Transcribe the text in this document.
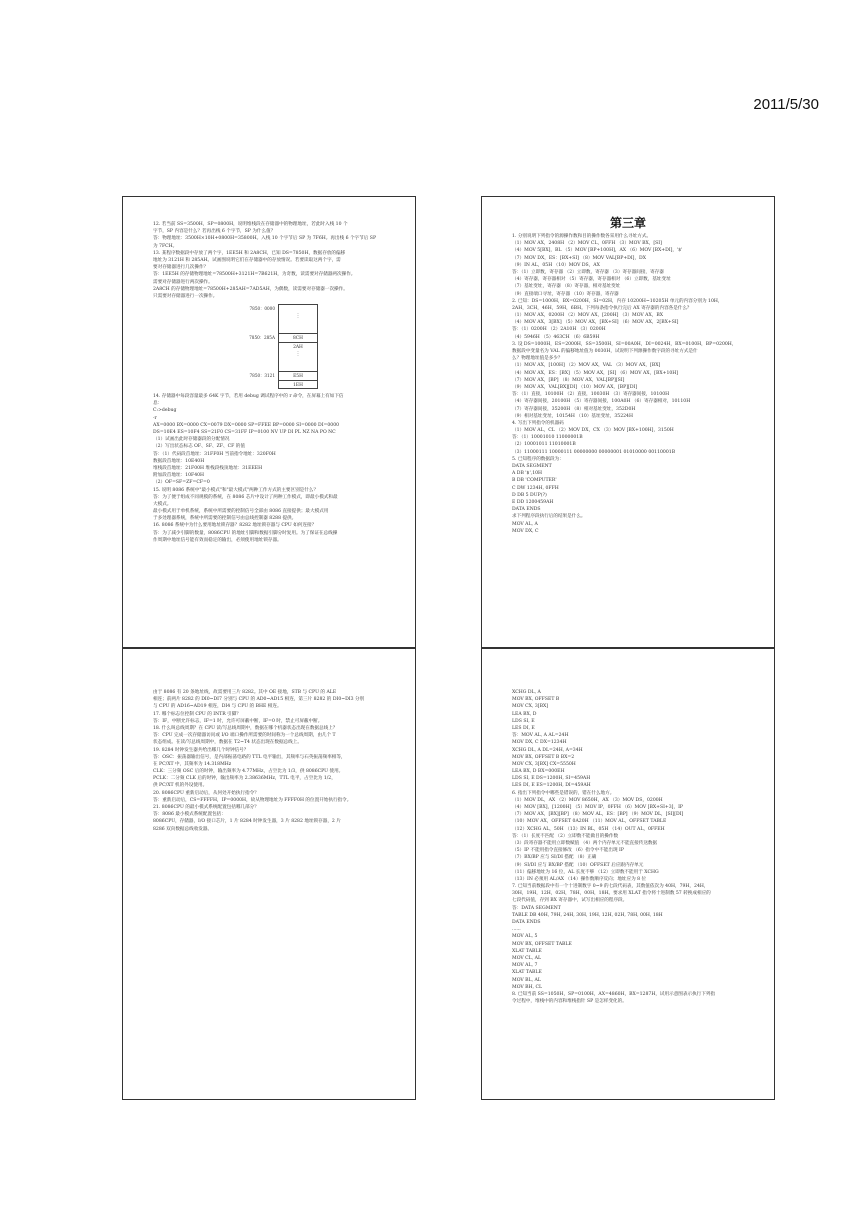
2011/5/30
12. 若当前 SS=3500H，SP=0800H，说明堆栈段在存储器中的物理地址，若此时入栈 10 个
字节，SP 内容是什么？若再出栈 6 个字节，SP 为什么值？
答：物理地址：3500H×10H+0800H=35800H。入栈 10 个字节后 SP 为 7F6H。再出栈 6 个字节后 SP
为 7FCH。
13. 某程序数据段中存放了两个字，1EE5H 和 2A8CH，已知 DS=7850H，数据存放的偏移
地址为 3121H 和 285AH。试画图说明它们在存储器中的存放情况。若要读取这两个字，需
要对存储器进行几次操作？
答：1EE5H 的存储物理地址=78500H+3121H=7B621H，为奇数，读需要对存储器两次操作。
需要对存储器进行两次操作。
2A8CH 的存储物理地址=78500H+285AH=7AD5AH，为偶数，读需要对存储器一次操作。
只需要对存储器进行一次操作。
7850：0000
⋮
7850：285A	8CH
2AH
⋮
7850：3121	E5H
1EH
14. 存储器中每段容量最多 64K 字节，若用 debug 调试程序中的 r 命令，在屏幕上有如下信
息：
C:>debug
-r
AX=0000 BX=0000 CX=0079 DX=0000 SP=FFEE BP=0000 SI=0000 DI=0000
DS=10E4 ES=10F4 SS=21F0 CS=31FF IP=0100 NV UP DI PL NZ NA PO NC
（1）试画出此时存储器段的分配情况
（2）写出状态标志 OF、SF、ZF、CF 的值
答：（1）代码段首地址：31FF0H 当前指令地址：320F0H
数据段首地址：10E40H
堆栈段首地址：21F00H 堆栈段栈顶地址：31EEEH
附加段首地址：10F40H
（2）OF=SF=ZF=CF=0
15. 说明 8086 系统中"最小模式"和"最大模式"两种工作方式的主要区别是什么？
答：为了便于组成不同规模的系统，在 8086 芯片中设计了两种工作模式，即最小模式和最
大模式。
最小模式用于单机系统，系统中所需要的控制信号全部由 8086 直接提供；最大模式用
于多处理器系统，系统中所需要的控制信号由总线控制器 8288 提供。
16. 8086 系统中为什么要用地址锁存器？8282 地址锁存器与 CPU 如何连接？
答：为了减少引脚的数量，8086CPU 的地址引脚和数据引脚分时复用。为了保证在总线操
作周期中地址信号能有效而稳定的输出，必须使用地址锁存器。
第三章
1. 分别说明下列指令的源操作数和目的操作数各采用什么寻址方式。
（1）MOV AX，2408H （2）MOV CL，0FFH （3）MOV BX，[SI]
（4）MOV 5[BX]，BL （5）MOV [BP+100H]，AX （6）MOV [BX+DI]，'$'
（7）MOV DX，ES：[BX+SI] （8）MOV VAL[BP+DI]，DX
（9）IN AL，05H （10）MOV DS，AX
答：（1）立即数，寄存器 （2）立即数，寄存器 （3）寄存器间接，寄存器
（4）寄存器，寄存器相对 （5）寄存器，寄存器相对 （6）立即数，基址变址
（7）基址变址，寄存器 （8）寄存器，相对基址变址
（9）直接端口寻址，寄存器 （10）寄存器，寄存器
2. 已知：DS=1000H，BX=0200H，SI=02H，内存 10200H~10205H 单元的内容分别为 10H，
2AH，3CH，46H，59H，6BH。下列每条指令执行完后 AX 寄存器的内容各是什么？
（1）MOV AX，0200H （2）MOV AX，[200H] （3）MOV AX，BX
（4）MOV AX，3[BX] （5）MOV AX，[BX+SI] （6）MOV AX，2[BX+SI]
答：（1）0200H （2）2A10H （3）0200H
（4）5946H （5）463CH （6）6B59H
3. 设 DS=1000H，ES=2000H，SS=3500H，SI=00A0H，DI=0024H，BX=0100H，BP=0200H，
数据段中变量名为 VAL 的偏移地址值为 0030H，试说明下列源操作数字段的寻址方式是什
么？物理地址值是多少？
（1）MOV AX，[100H] （2）MOV AX，VAL （3）MOV AX，[BX]
（4）MOV AX，ES：[BX] （5）MOV AX，[SI] （6）MOV AX，[BX+10H]
（7）MOV AX，[BP] （8）MOV AX，VAL[BP][SI]
（9）MOV AX，VAL[BX][DI] （10）MOV AX，[BP][DI]
答：（1）直接，10100H （2）直接，10030H （3）寄存器间接，10100H
（4）寄存器间接，20100H （5）寄存器间接，100A0H （6）寄存器相对，10110H
（7）寄存器间接，35200H （8）相对基址变址，352D0H
（9）相对基址变址，10154H （10）基址变址，35224H
4. 写出下列指令的机器码
（1）MOV AL，CL （2）MOV DX，CX （3）MOV [BX+100H]，3150H
答：（1）10001010 11000001B
（2）10001011 11010001B
（3）11000111 10000111 00000000 00000001 01010000 00110001B
5. 已知程序的数据段为：
DATA SEGMENT
A DB '$',10H
B DB 'COMPUTER'
C DW 1234H, 0FFH
D DB 5 DUP(?)
E DD 1200459AH
DATA ENDS
求下列程序段执行后的结果是什么。
MOV AL, A
MOV DX, C
由于 8086 有 20 条地址线，故需要用三片 8282。其中 OE 接地，STB 与 CPU 的 ALE
相连；前两片 8282 的 DI0~DI7 分别与 CPU 的 AD0~AD15 相连，第三片 8282 的 DI0~DI3 分别
与 CPU 的 AD16~AD19 相连，DI4 与 CPU 的 BHE 相连。
17. 哪个标志位控制 CPU 的 INTR 引脚？
答：IF，中断允许标志，IF=1 时，允许可屏蔽中断，IF=0 时，禁止可屏蔽中断。
18. 什么叫总线周期？在 CPU 读/写总线周期中，数据在哪个机器状态出现在数据总线上？
答：CPU 完成一次存储器访问或 I/O 端口操作所需要的时间称为一个总线周期，由几个 T
状态组成。在读/写总线周期中，数据在 T2~T4 状态出现在数据总线上。
19. 8284 时钟发生器共给出哪几个时钟信号？
答：OSC：振荡器输出信号，是内部振荡电路的 TTL 电平输出，其频率与石英振荡频率相等，
在 PC/XT 中，其频率为 14.318MHz
CLK：三分频 OSC 后的时钟，输出频率为 4.77MHz，占空比为 1/3，供 8086CPU 使用。
PCLK：二分频 CLK 后的时钟，输出频率为 2.38636MHz，TTL 电平，占空比为 1/2，
供 PC/XT 机的外设使用。
20. 8086CPU 重新启动后，从何处开始执行指令？
答：重新启动后，CS=FFFFH，IP=0000H，故从物理地址为 FFFF0H 的位置开始执行指令。
21. 8086CPU 的最小模式系统配置包括哪几部分？
答：8086 最小模式系统配置包括：
8086CPU，存储器，I/O 接口芯片，1 片 8284 时钟发生器，3 片 8282 地址锁存器，2 片
8286 双向数据总线收发器。
XCHG DL, A
MOV BX, OFFSET B
MOV CX, 3[BX]
LEA BX, D
LDS SI, E
LES DI, E
答：MOV AL, A AL=24H
MOV DX, C DX=1234H
XCHG DL, A DL=24H, A=34H
MOV BX, OFFSET B BX=2
MOV CX, 3[BX] CX=5550H
LEA BX, D BX=000EH
LDS SI, E DS=1200H, SI=459AH
LES DI, E ES=1200H, DI=459AH
6. 指出下列指令中哪些是错误的，错在什么地方。
（1）MOV DL，AX （2）MOV 8650H，AX （3）MOV DS，0200H
（4）MOV [BX]，[1200H] （5）MOV IP，0FFH （6）MOV [BX+SI+3]，IP
（7）MOV AX，[BX][BP] （8）MOV AL，ES：[BP] （9）MOV DL，[SI][DI]
（10）MOV AX，OFFSET 0A20H （11）MOV AL，OFFSET TABLE
（12）XCHG AL，50H （13）IN BL，05H （14）OUT AL，0FFEH
答：（1）长度不匹配 （2）立即数不能做目的操作数
（3）段寄存器不能用立即数赋值 （4）两个内存单元不能直接传送数据
（5）IP 不能用指令直接修改 （6）指令中不能出现 IP
（7）BX/BP 应与 SI/DI 搭配 （8）正确
（9）SI/DI 应与 BX/BP 搭配 （10）OFFSET 后应跟内存单元
（11）偏移地址为 16 位，AL 长度不够 （12）立即数不能用于 XCHG
（13）IN 必须用 AL/AX （14）操作数顺序反向；地址应为 8 位
7. 已知当前数据段中有一个十进制数字 0~9 的七段代码表，其数值依次为 40H，79H，24H，
30H，19H，12H，02H，78H，00H，18H。要求用 XLAT 指令将十进制数 57 转换成相应的
七段代码值，存到 BX 寄存器中，试写出相应的程序段。
答：DATA SEGMENT
TABLE DB 40H, 79H, 24H, 30H, 19H, 12H, 02H, 78H, 00H, 18H
DATA ENDS
......
MOV AL, 5
MOV BX, OFFSET TABLE
XLAT TABLE
MOV CL, AL
MOV AL, 7
XLAT TABLE
MOV BL, AL
MOV BH, CL
8. 已知当前 SS=1050H，SP=0100H，AX=4860H，BX=1287H，试用示意图表示执行下列指
令过程中，堆栈中的内容和堆栈指针 SP 是怎样变化的。
